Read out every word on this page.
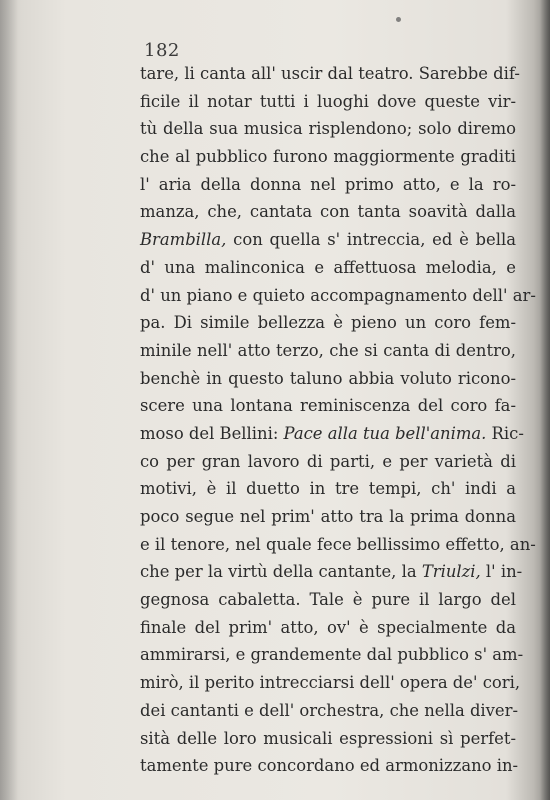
182
tare, li canta all' uscir dal teatro. Sarebbe dif-
ficile il notar tutti i luoghi dove queste vir-
tù della sua musica risplendono; solo diremo
che al pubblico furono maggiormente graditi
l' aria della donna nel primo atto, e la ro-
manza, che, cantata con tanta soavità dalla
Brambilla, con quella s' intreccia, ed è bella
d' una malinconica e affettuosa melodia, e
d' un piano e quieto accompagnamento dell' ar-
pa. Di simile bellezza è pieno un coro fem-
minile nell' atto terzo, che si canta di dentro,
benchè in questo taluno abbia voluto ricono-
scere una lontana reminiscenza del coro fa-
moso del Bellini: Pace alla tua bell'anima. Ric-
co per gran lavoro di parti, e per varietà di
motivi, è il duetto in tre tempi, ch' indi a
poco segue nel prim' atto tra la prima donna
e il tenore, nel quale fece bellissimo effetto, an-
che per la virtù della cantante, la Triulzi, l' in-
gegnosa cabaletta. Tale è pure il largo del
finale del prim' atto, ov' è specialmente da
ammirarsi, e grandemente dal pubblico s' am-
mirò, il perito intrecciarsi dell' opera de' cori,
dei cantanti e dell' orchestra, che nella diver-
sità delle loro musicali espressioni sì perfet-
tamente pure concordano ed armonizzano in-
